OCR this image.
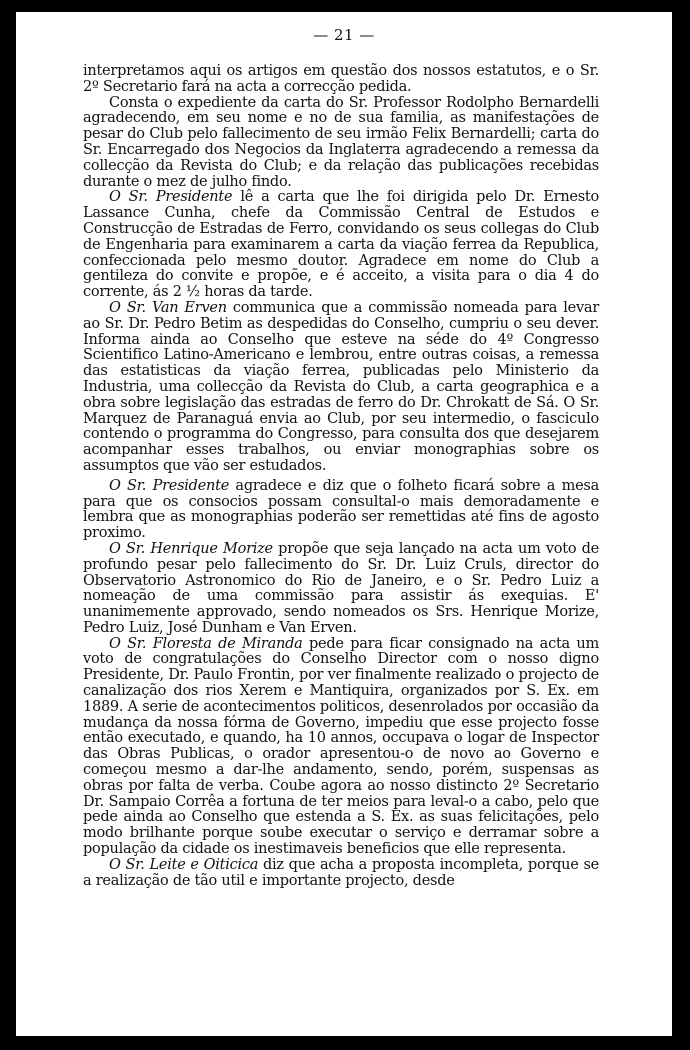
— 21 —

interpretamos aqui os artigos em questão dos nossos estatutos, e o Sr. 2º Secretario fará na acta a correcção pedida.

Consta o expediente da carta do Sr. Professor Rodolpho Bernardelli agradecendo, em seu nome e no de sua familia, as manifestações de pesar do Club pelo fallecimento de seu irmão Felix Bernardelli; carta do Sr. Encarregado dos Negocios da Inglaterra agradecendo a remessa da collecção da Revista do Club; e da relação das publicações recebidas durante o mez de julho findo.

O Sr. Presidente lê a carta que lhe foi dirigida pelo Dr. Ernesto Lassance Cunha, chefe da Commissão Central de Estudos e Construcção de Estradas de Ferro, convidando os seus collegas do Club de Engenharia para examinarem a carta da viação ferrea da Republica, confeccionada pelo mesmo doutor. Agradece em nome do Club a gentileza do convite e propõe, e é acceito, a visita para o dia 4 do corrente, ás 2 ½ horas da tarde.

O Sr. Van Erven communica que a commissão nomeada para levar ao Sr. Dr. Pedro Betim as despedidas do Conselho, cumpriu o seu dever. Informa ainda ao Conselho que esteve na séde do 4º Congresso Scientifico Latino-Americano e lembrou, entre outras coisas, a remessa das estatisticas da viação ferrea, publicadas pelo Ministerio da Industria, uma collecção da Revista do Club, a carta geographica e a obra sobre legislação das estradas de ferro do Dr. Chrokatt de Sá. O Sr. Marquez de Paranaguá envia ao Club, por seu intermedio, o fasciculo contendo o programma do Congresso, para consulta dos que desejarem acompanhar esses trabalhos, ou enviar monographias sobre os assumptos que vão ser estudados.

O Sr. Presidente agradece e diz que o folheto ficará sobre a mesa para que os consocios possam consultal-o mais demoradamente e lembra que as monographias poderão ser remettidas até fins de agosto proximo.

O Sr. Henrique Morize propõe que seja lançado na acta um voto de profundo pesar pelo fallecimento do Sr. Dr. Luiz Cruls, director do Observatorio Astronomico do Rio de Janeiro, e o Sr. Pedro Luiz a nomeação de uma commissão para assistir ás exequias. E' unanimemente approvado, sendo nomeados os Srs. Henrique Morize, Pedro Luiz, José Dunham e Van Erven.

O Sr. Floresta de Miranda pede para ficar consignado na acta um voto de congratulações do Conselho Director com o nosso digno Presidente, Dr. Paulo Frontin, por ver finalmente realizado o projecto de canalização dos rios Xerem e Mantiquira, organizados por S. Ex. em 1889. A serie de acontecimentos politicos, desenrolados por occasião da mudança da nossa fórma de Governo, impediu que esse projecto fosse então executado, e quando, ha 10 annos, occupava o logar de Inspector das Obras Publicas, o orador apresentou-o de novo ao Governo e começou mesmo a dar-lhe andamento, sendo, porém, suspensas as obras por falta de verba. Coube agora ao nosso distincto 2º Secretario Dr. Sampaio Corrêa a fortuna de ter meios para leval-o a cabo, pelo que pede ainda ao Conselho que estenda a S. Ex. as suas felicitações, pelo modo brilhante porque soube executar o serviço e derramar sobre a população da cidade os inestimaveis beneficios que elle representa.

O Sr. Leite e Oiticica diz que acha a proposta incompleta, porque se a realização de tão util e importante projecto, desde
